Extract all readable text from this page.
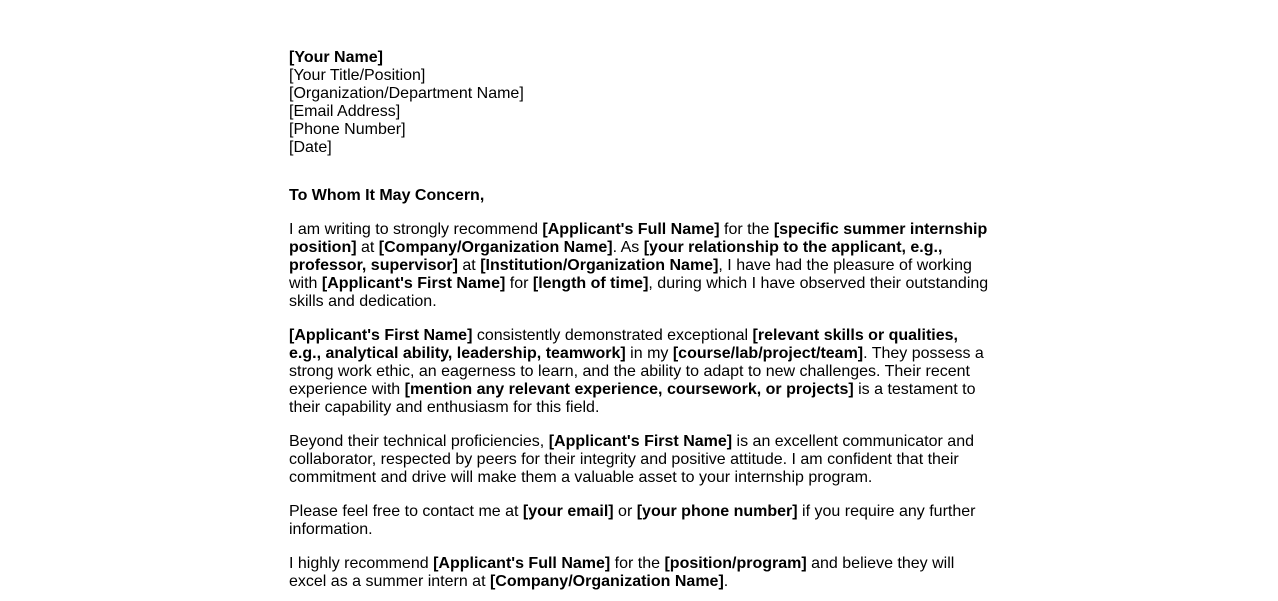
[Your Name]
[Your Title/Position]
[Organization/Department Name]
[Email Address]
[Phone Number]
[Date]

To Whom It May Concern,

I am writing to strongly recommend [Applicant's Full Name] for the [specific summer internship position] at [Company/Organization Name]. As [your relationship to the applicant, e.g., professor, supervisor] at [Institution/Organization Name], I have had the pleasure of working with [Applicant's First Name] for [length of time], during which I have observed their outstanding skills and dedication.

[Applicant's First Name] consistently demonstrated exceptional [relevant skills or qualities, e.g., analytical ability, leadership, teamwork] in my [course/lab/project/team]. They possess a strong work ethic, an eagerness to learn, and the ability to adapt to new challenges. Their recent experience with [mention any relevant experience, coursework, or projects] is a testament to their capability and enthusiasm for this field.

Beyond their technical proficiencies, [Applicant's First Name] is an excellent communicator and collaborator, respected by peers for their integrity and positive attitude. I am confident that their commitment and drive will make them a valuable asset to your internship program.

Please feel free to contact me at [your email] or [your phone number] if you require any further information.

I highly recommend [Applicant's Full Name] for the [position/program] and believe they will excel as a summer intern at [Company/Organization Name].
